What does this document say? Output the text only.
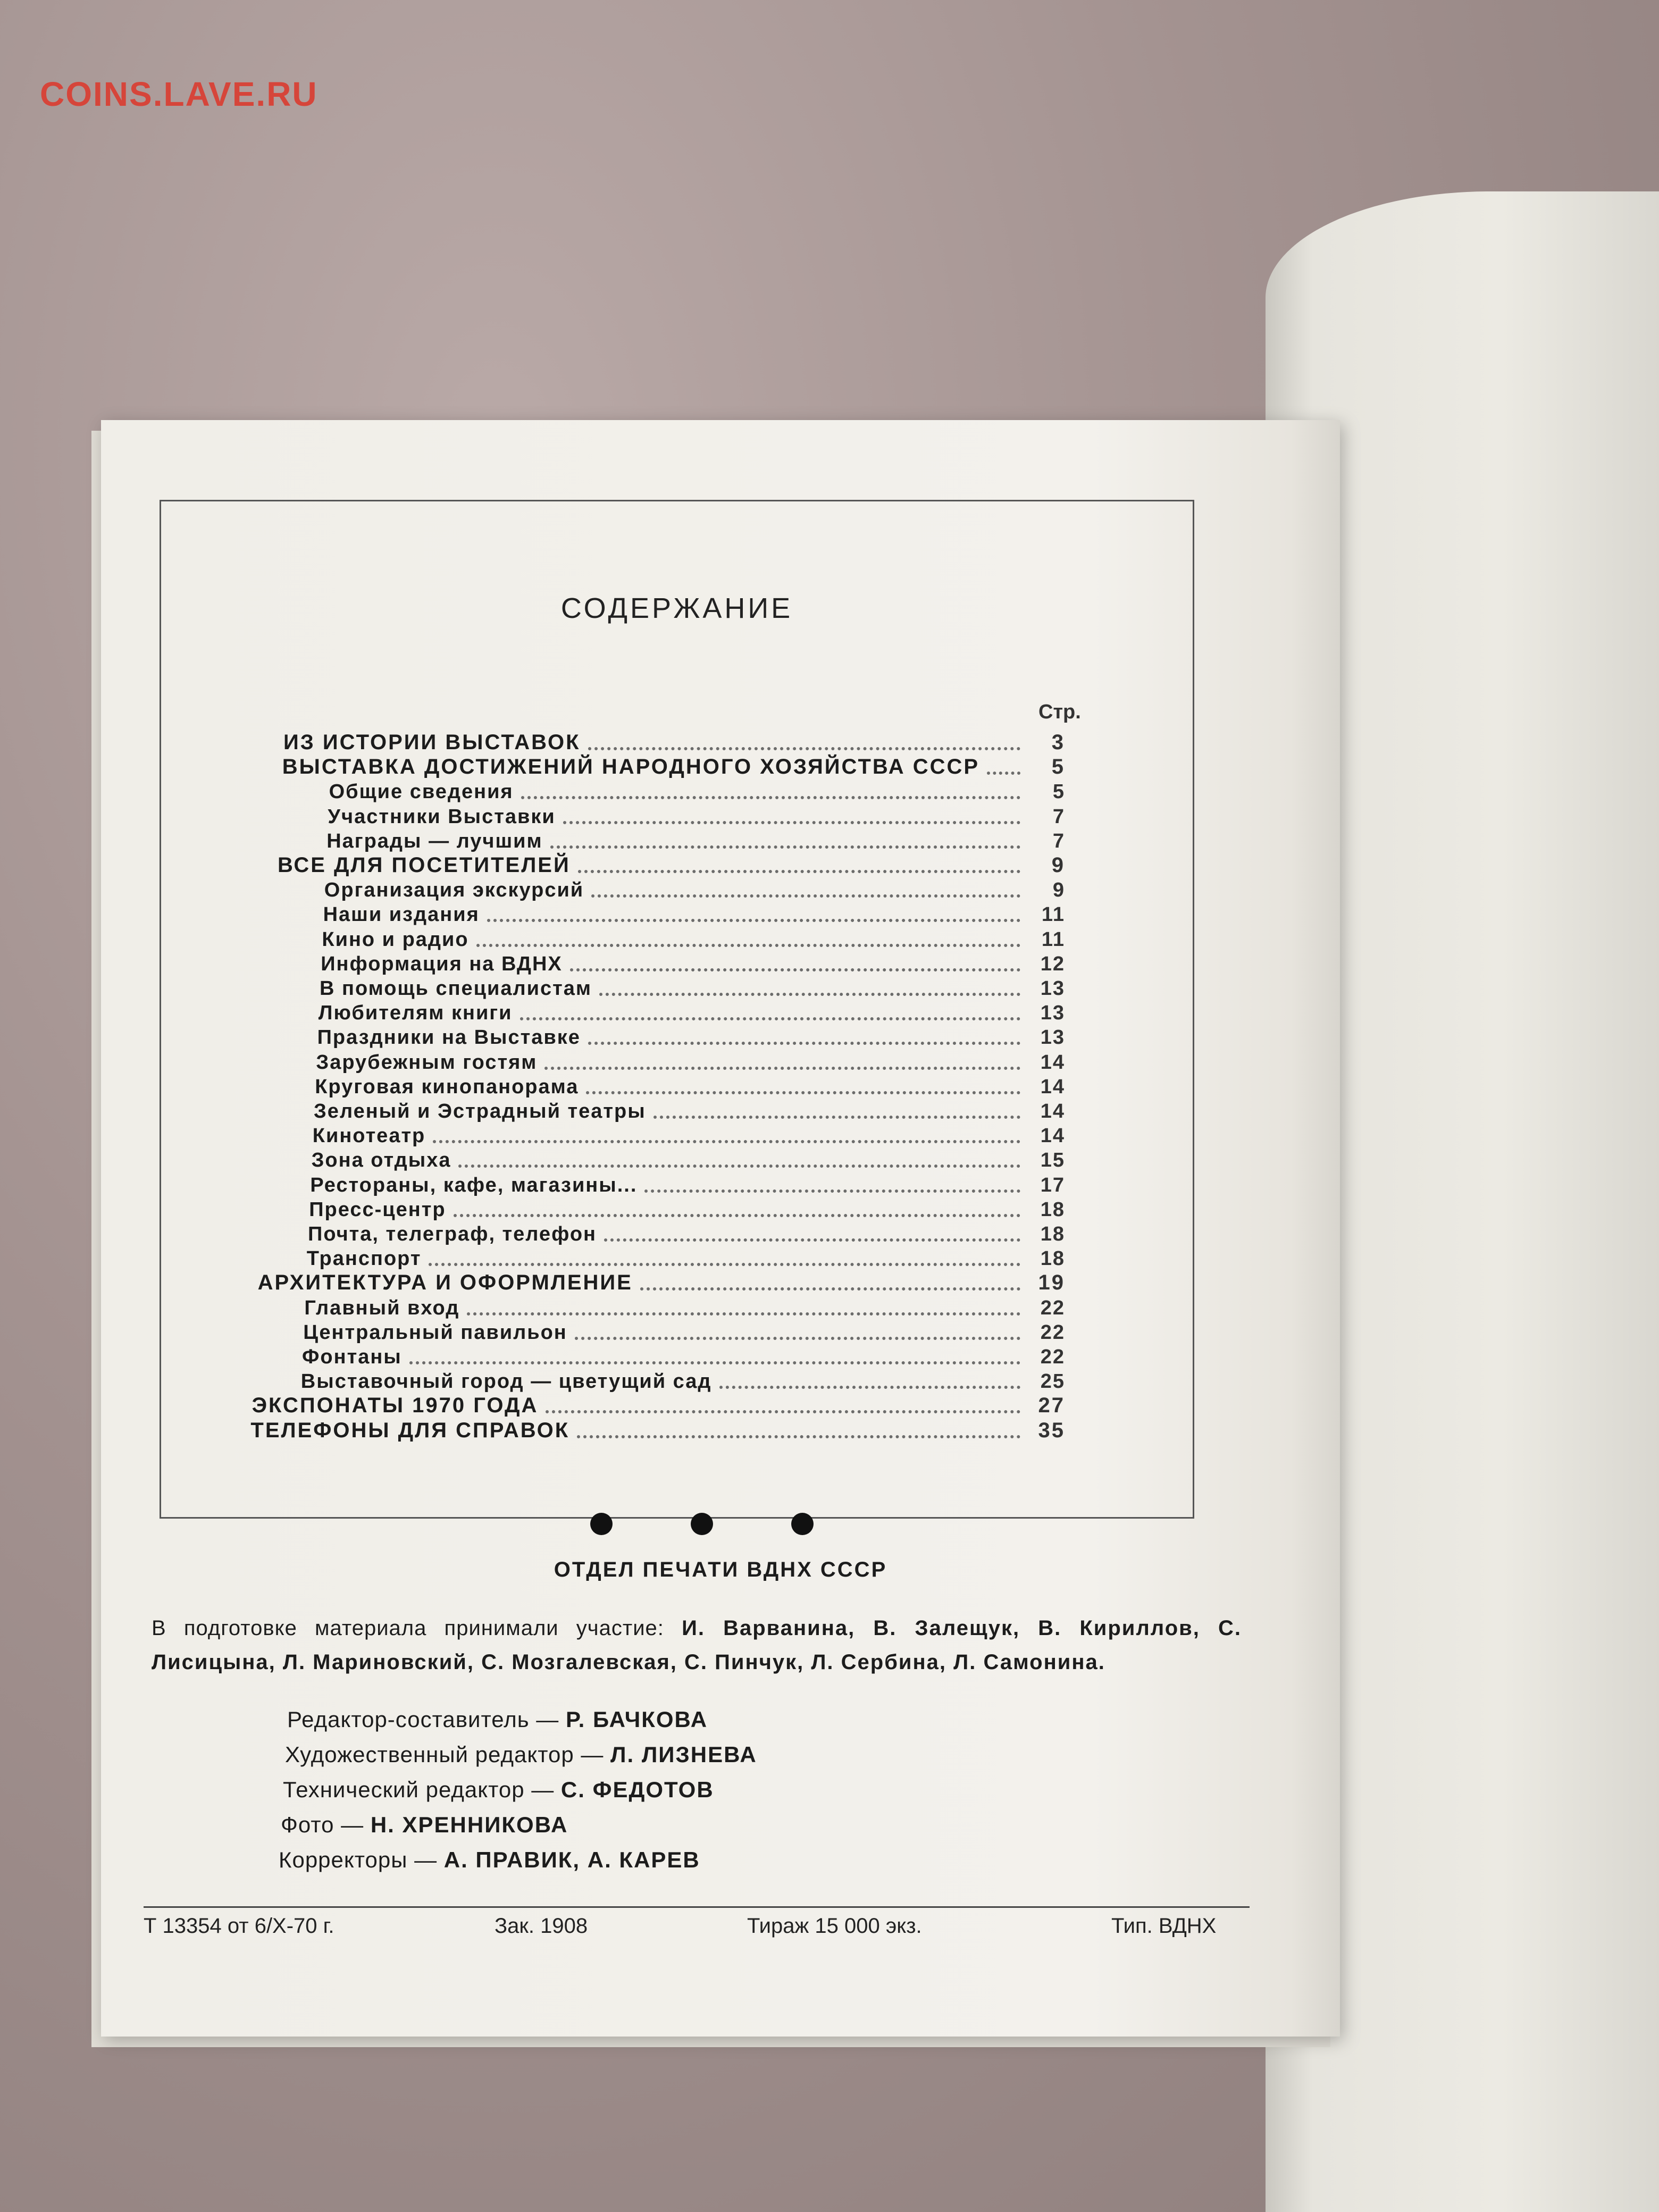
COINS.LAVE.RU
СОДЕРЖАНИЕ
Стр.
ИЗ ИСТОРИИ ВЫСТАВОК	3
ВЫСТАВКА ДОСТИЖЕНИЙ НАРОДНОГО ХОЗЯЙСТВА СССР	5
Общие сведения	5
Участники Выставки	7
Награды — лучшим	7
ВСЕ ДЛЯ ПОСЕТИТЕЛЕЙ	9
Организация экскурсий	9
Наши издания	11
Кино и радио	11
Информация на ВДНХ	12
В помощь специалистам	13
Любителям книги	13
Праздники на Выставке	13
Зарубежным гостям	14
Круговая кинопанорама	14
Зеленый и Эстрадный театры	14
Кинотеатр	14
Зона отдыха	15
Рестораны, кафе, магазины...	17
Пресс-центр	18
Почта, телеграф, телефон	18
Транспорт	18
АРХИТЕКТУРА И ОФОРМЛЕНИЕ	19
Главный вход	22
Центральный павильон	22
Фонтаны	22
Выставочный город — цветущий сад	25
ЭКСПОНАТЫ 1970 ГОДА	27
ТЕЛЕФОНЫ ДЛЯ СПРАВОК	35
ОТДЕЛ ПЕЧАТИ ВДНХ СССР
В подготовке материала принимали участие: И. Варванина, В. Залещук, В. Кириллов, С. Лисицына, Л. Мариновский, С. Мозгалевская, С. Пинчук, Л. Сербина, Л. Самонина.
Редактор-составитель — Р. БАЧКОВА
Художественный редактор — Л. ЛИЗНЕВА
Технический редактор — С. ФЕДОТОВ
Фото — Н. ХРЕННИКОВА
Корректоры — А. ПРАВИК, А. КАРЕВ
Т 13354 от 6/Х-70 г.	Зак. 1908	Тираж 15 000 экз.	Тип. ВДНХ
